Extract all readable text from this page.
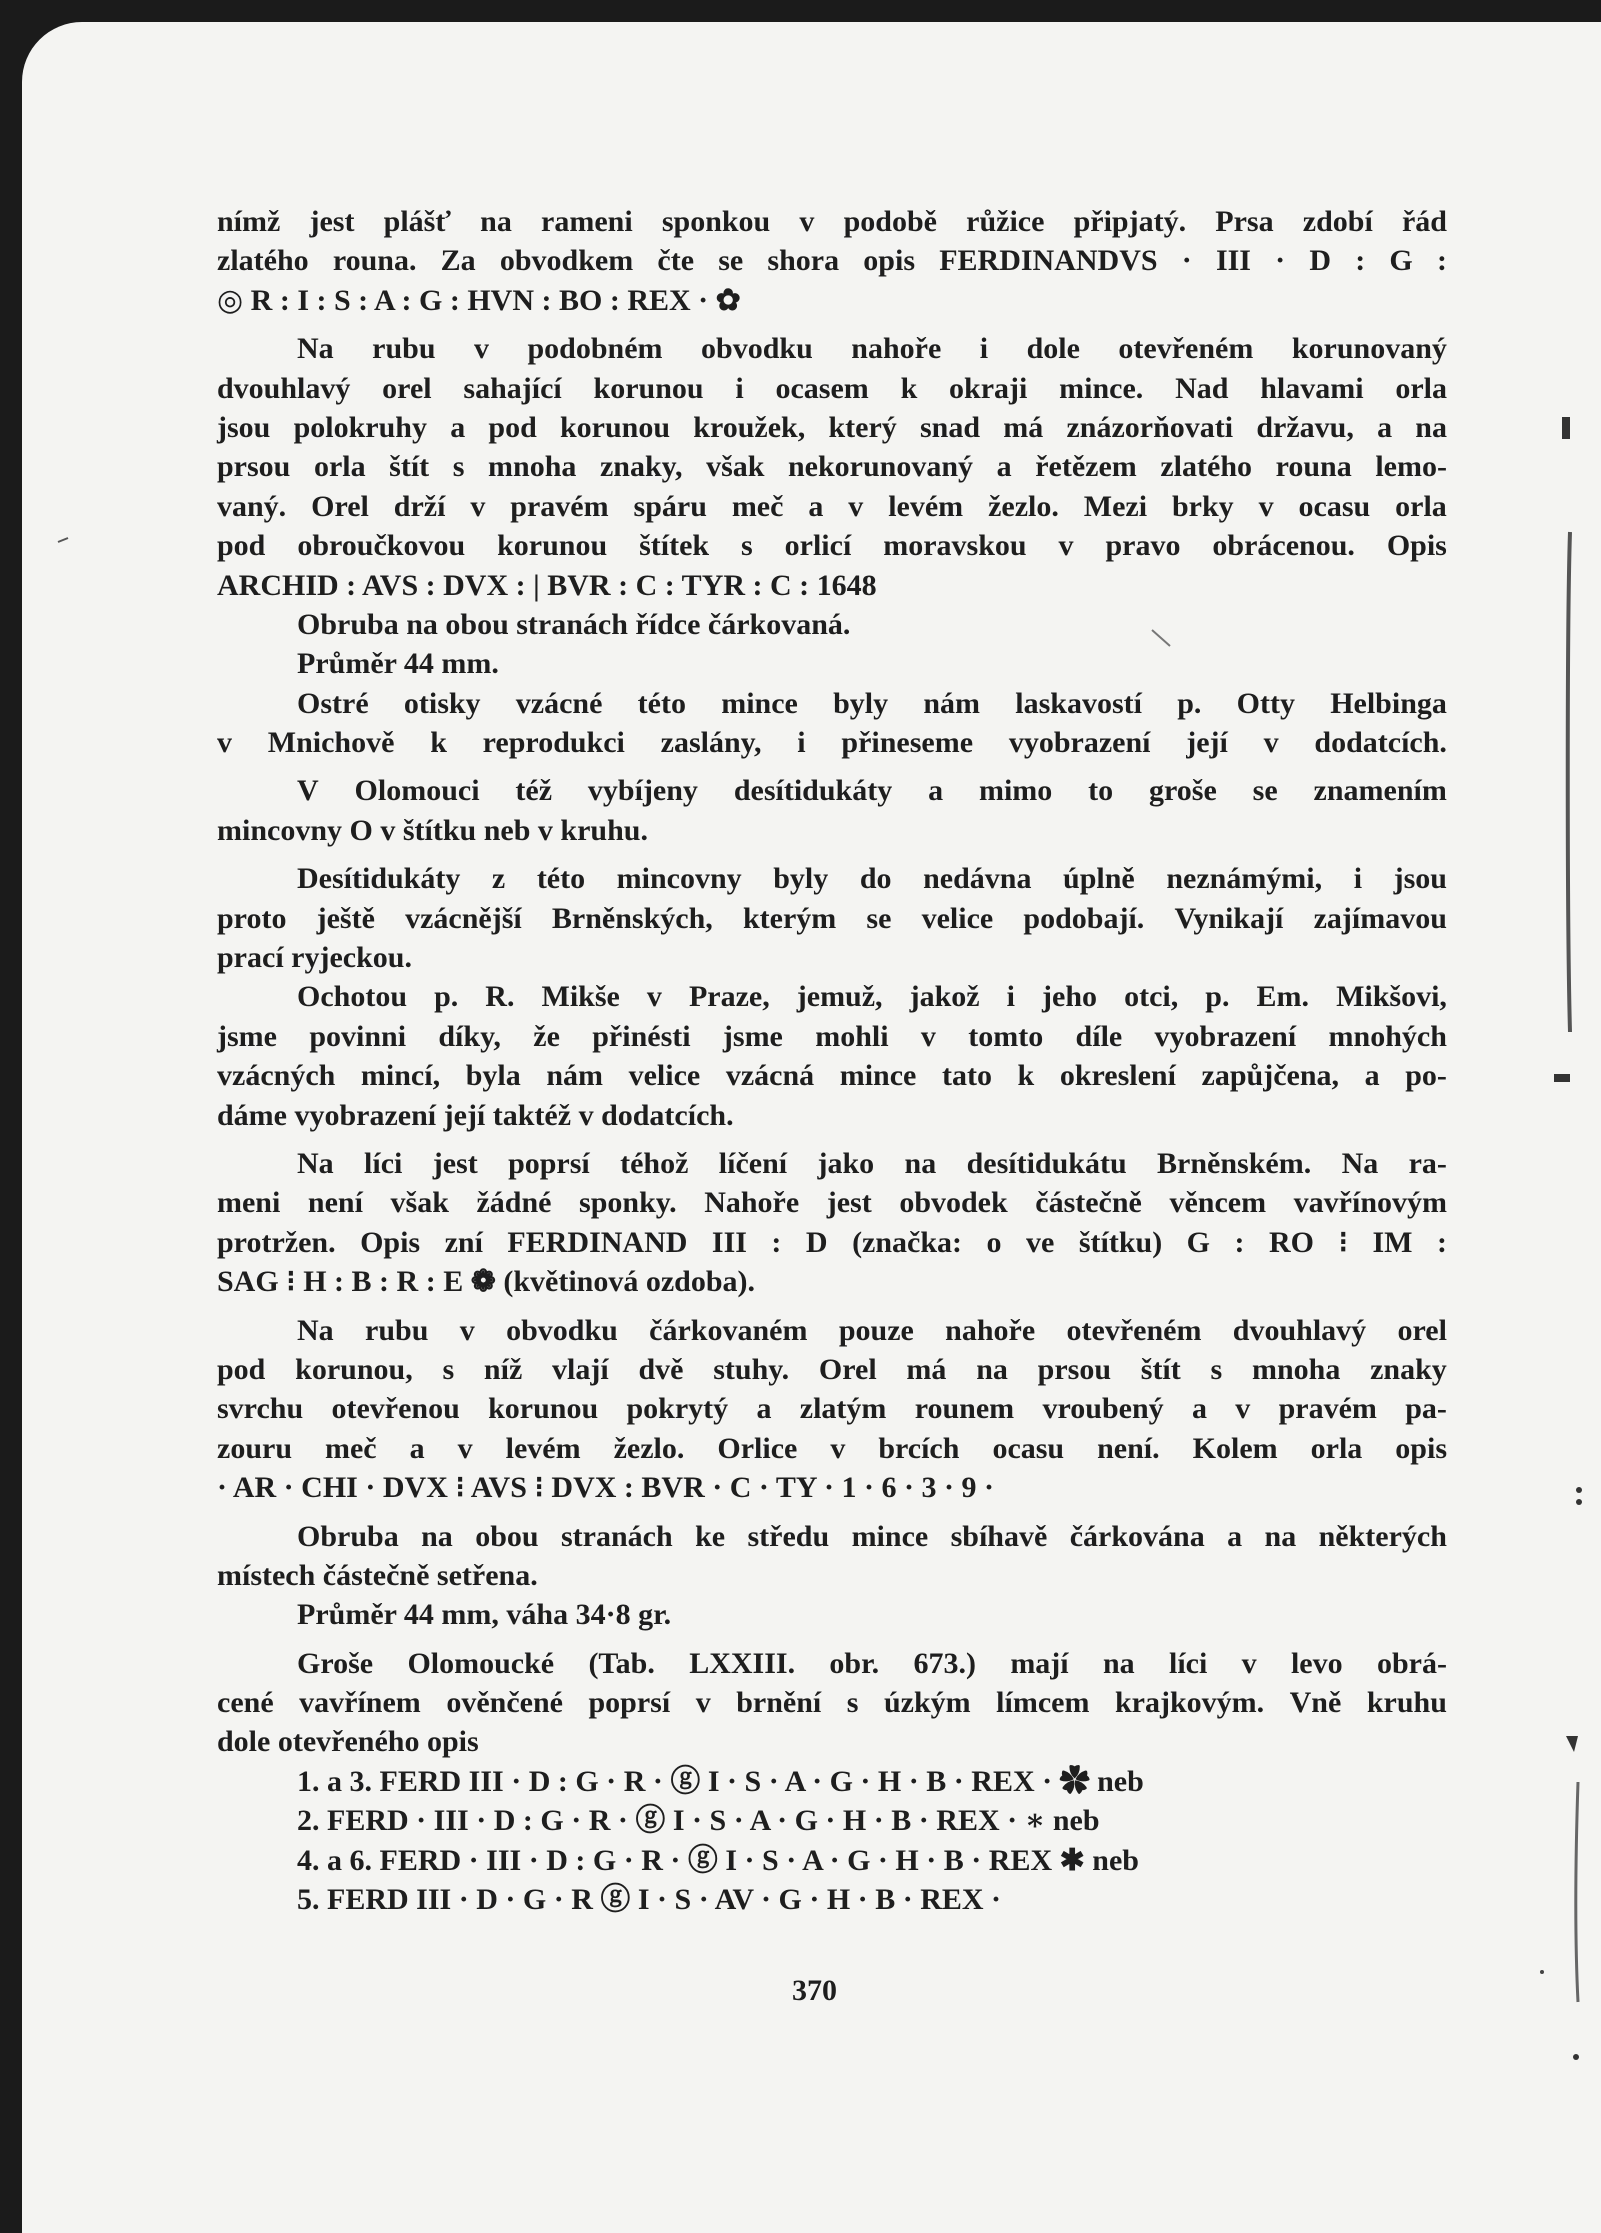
nímž jest plášť na rameni sponkou v podobě růžice připjatý. Prsa zdobí řád
zlatého rouna. Za obvodkem čte se shora opis FERDINANDVS · III · D : G :
◎ R : I : S : A : G : HVN : BO : REX · ✿
Na rubu v podobném obvodku nahoře i dole otevřeném korunovaný
dvouhlavý orel sahající korunou i ocasem k okraji mince. Nad hlavami orla
jsou polokruhy a pod korunou kroužek, který snad má znázorňovati državu, a na
prsou orla štít s mnoha znaky, však nekorunovaný a řetězem zlatého rouna lemo-
vaný. Orel drží v pravém spáru meč a v levém žezlo. Mezi brky v ocasu orla
pod obroučkovou korunou štítek s orlicí moravskou v pravo obrácenou. Opis
ARCHID : AVS : DVX : | BVR : C : TYR : C : 1648
Obruba na obou stranách řídce čárkovaná.
Průměr 44 mm.
Ostré otisky vzácné této mince byly nám laskavostí p. Otty Helbinga
v Mnichově k reprodukci zaslány, i přineseme vyobrazení její v dodatcích.
V Olomouci též vybíjeny desítidukáty a mimo to groše se znamením
mincovny O v štítku neb v kruhu.
Desítidukáty z této mincovny byly do nedávna úplně neznámými, i jsou
proto ještě vzácnější Brněnských, kterým se velice podobají. Vynikají zajímavou
prací ryjeckou.
Ochotou p. R. Mikše v Praze, jemuž, jakož i jeho otci, p. Em. Mikšovi,
jsme povinni díky, že přinésti jsme mohli v tomto díle vyobrazení mnohých
vzácných mincí, byla nám velice vzácná mince tato k okreslení zapůjčena, a po-
dáme vyobrazení její taktéž v dodatcích.
Na líci jest poprsí téhož líčení jako na desítidukátu Brněnském. Na ra-
meni není však žádné sponky. Nahoře jest obvodek částečně věncem vavřínovým
protržen. Opis zní FERDINAND III : D (značka: o ve štítku) G : RO ⁝ IM :
SAG ⁝ H : B : R : E ❁ (květinová ozdoba).
Na rubu v obvodku čárkovaném pouze nahoře otevřeném dvouhlavý orel
pod korunou, s níž vlají dvě stuhy. Orel má na prsou štít s mnoha znaky
svrchu otevřenou korunou pokrytý a zlatým rounem vroubený a v pravém pa-
zouru meč a v levém žezlo. Orlice v brcích ocasu není. Kolem orla opis
· AR · CHI · DVX ⁝ AVS ⁝ DVX : BVR · C · TY · 1 · 6 · 3 · 9 ·
Obruba na obou stranách ke středu mince sbíhavě čárkována a na některých
místech částečně setřena.
Průměr 44 mm, váha 34·8 gr.
Groše Olomoucké (Tab. LXXIII. obr. 673.) mají na líci v levo obrá-
cené vavřínem ověnčené poprsí v brnění s úzkým límcem krajkovým. Vně kruhu
dole otevřeného opis
1. a 3. FERD III · D : G · R · ⓖ I · S · A · G · H · B · REX · ✿ neb
2. FERD · III · D : G · R · ⓖ I · S · A · G · H · B · REX · ∗ neb
4. a 6. FERD · III · D : G · R · ⓖ I · S · A · G · H · B · REX ✱ neb
5. FERD III · D · G · R ⓖ I · S · AV · G · H · B · REX ·
370
